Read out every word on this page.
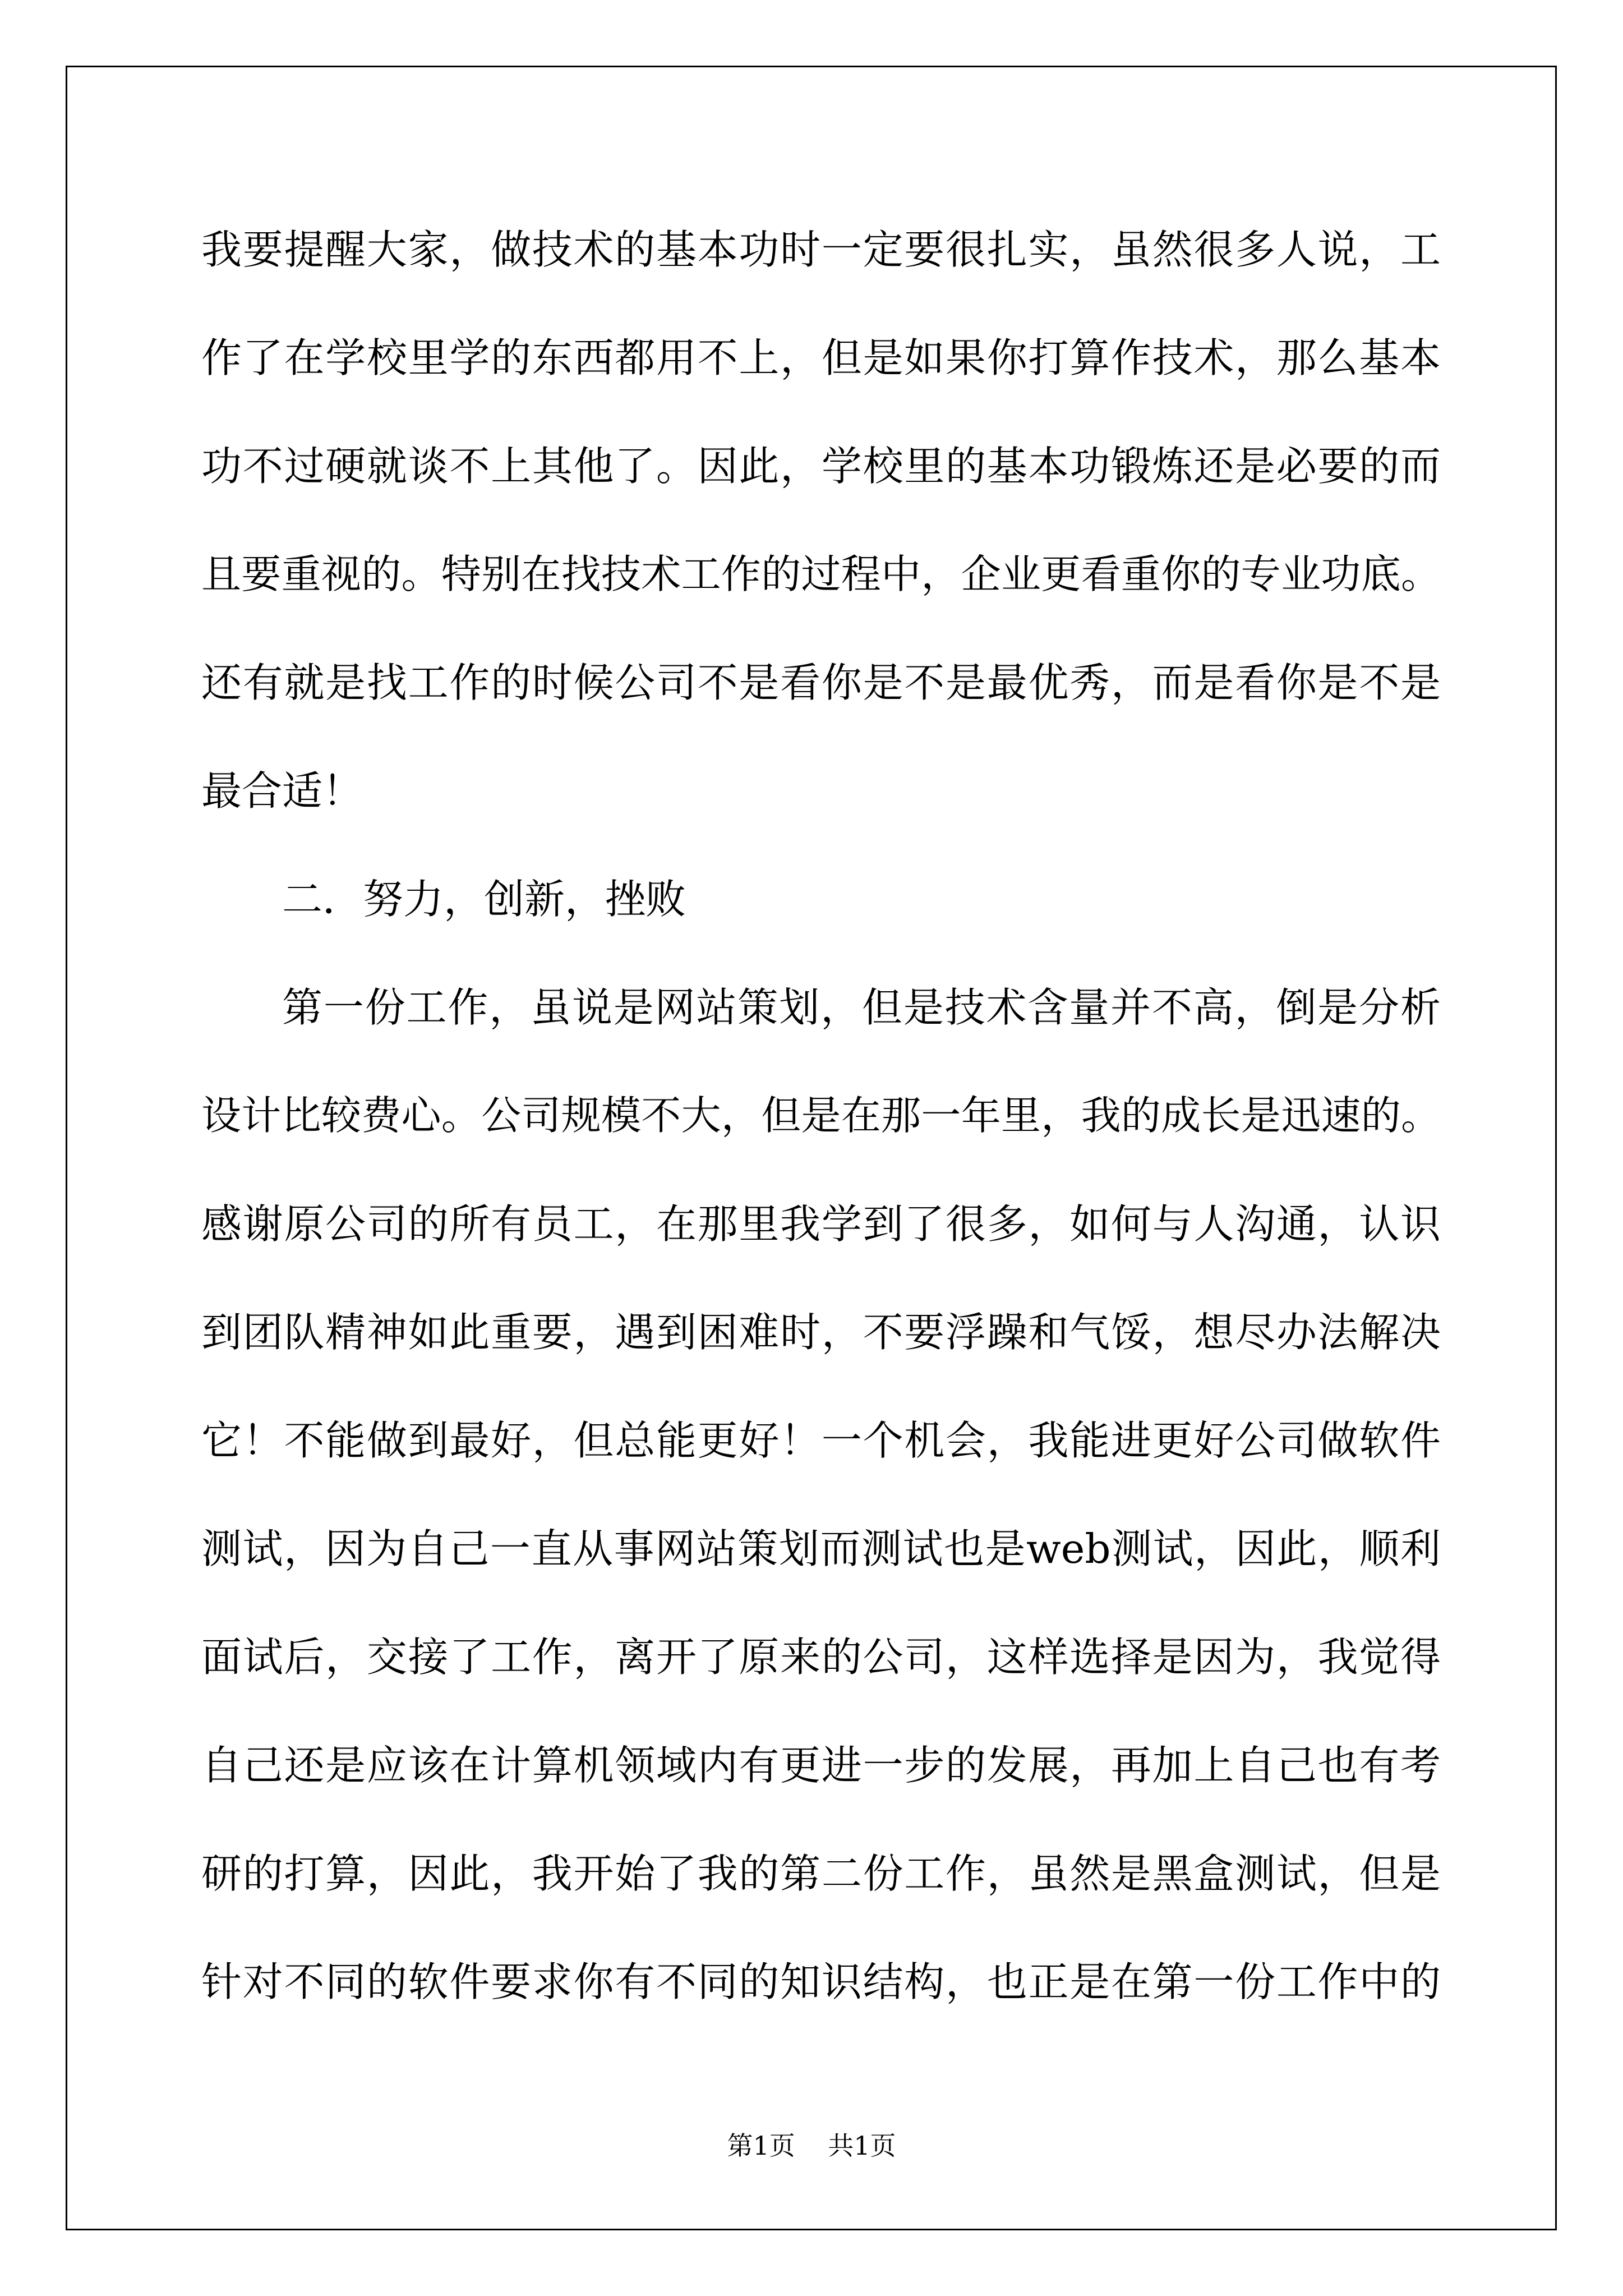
我要提醒大家，做技术的基本功时一定要很扎实，虽然很多人说，工
作了在学校里学的东西都用不上，但是如果你打算作技术，那么基本
功不过硬就谈不上其他了。因此，学校里的基本功锻炼还是必要的而
且要重视的。特别在找技术工作的过程中，企业更看重你的专业功底。
还有就是找工作的时候公司不是看你是不是最优秀，而是看你是不是
最合适！
二．努力，创新，挫败
第一份工作，虽说是网站策划，但是技术含量并不高，倒是分析
设计比较费心。公司规模不大，但是在那一年里，我的成长是迅速的。
感谢原公司的所有员工，在那里我学到了很多，如何与人沟通，认识
到团队精神如此重要，遇到困难时，不要浮躁和气馁，想尽办法解决
它！不能做到最好，但总能更好！一个机会，我能进更好公司做软件
测试，因为自己一直从事网站策划而测试也是web测试，因此，顺利
面试后，交接了工作，离开了原来的公司，这样选择是因为，我觉得
自己还是应该在计算机领域内有更进一步的发展，再加上自己也有考
研的打算，因此，我开始了我的第二份工作，虽然是黑盒测试，但是
针对不同的软件要求你有不同的知识结构，也正是在第一份工作中的
第1页    共1页
